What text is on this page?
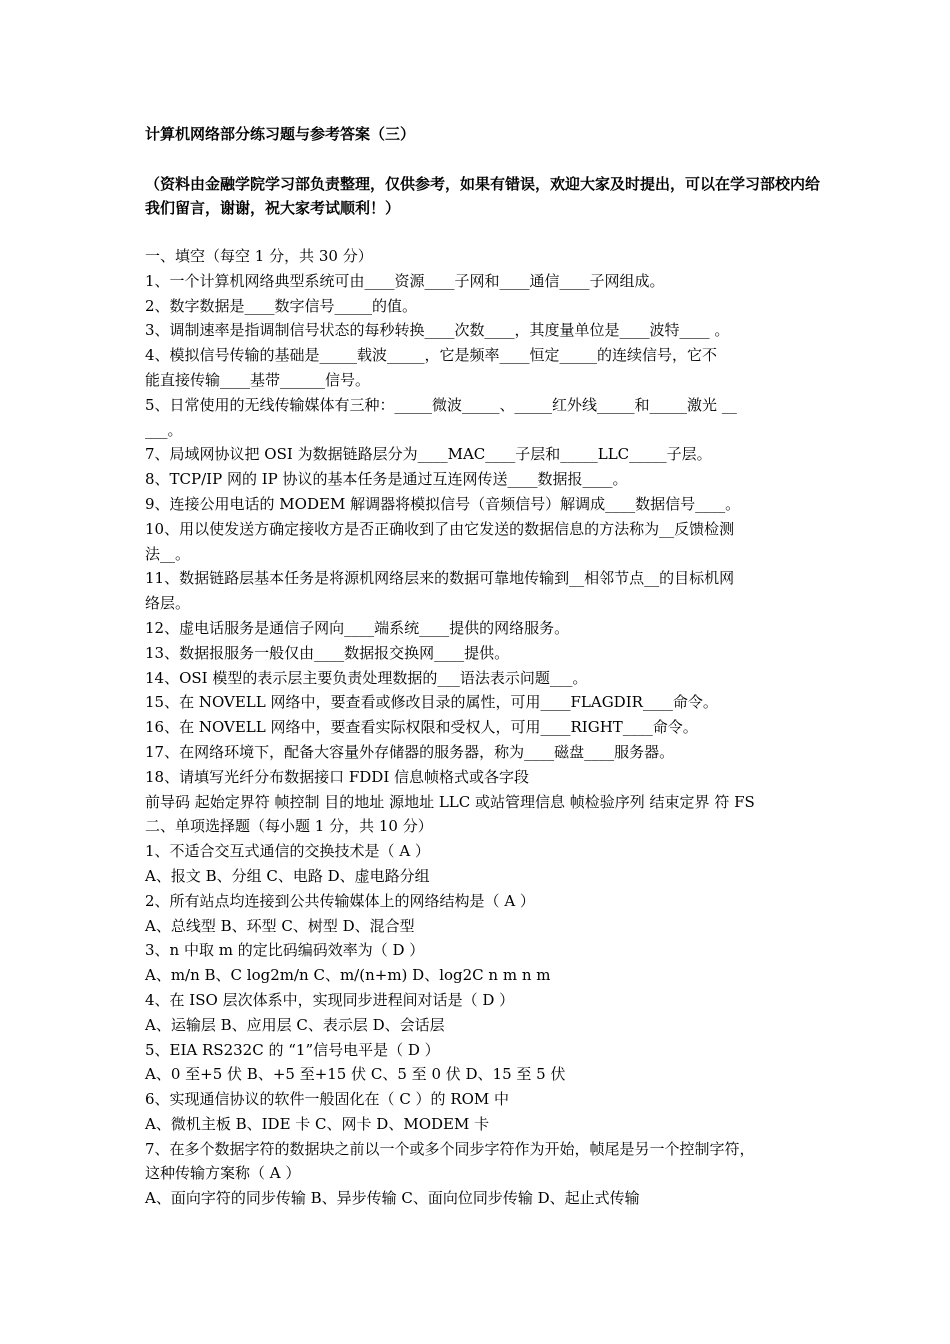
计算机网络部分练习题与参考答案（三）
（资料由金融学院学习部负责整理，仅供参考，如果有错误，欢迎大家及时提出，可以在学习部校内给我们留言，谢谢，祝大家考试顺利！）
一、填空（每空 1 分，共 30 分）
1、一个计算机网络典型系统可由____资源____子网和____通信____子网组成。
2、数字数据是____数字信号_____的值。
3、调制速率是指调制信号状态的每秒转换____次数____，其度量单位是____波特____ 。
4、模拟信号传输的基础是_____载波_____，它是频率____恒定_____的连续信号，它不
能直接传输____基带______信号。
5、日常使用的无线传输媒体有三种：_____微波_____、_____红外线_____和_____激光 __
___。
7、局域网协议把 OSI 为数据链路层分为____MAC____子层和_____LLC_____子层。
8、TCP/IP 网的 IP 协议的基本任务是通过互连网传送____数据报____。
9、连接公用电话的 MODEM 解调器将模拟信号（音频信号）解调成____数据信号____。
10、用以使发送方确定接收方是否正确收到了由它发送的数据信息的方法称为__反馈检测
法__。
11、数据链路层基本任务是将源机网络层来的数据可靠地传输到__相邻节点__的目标机网
络层。
12、虚电话服务是通信子网向____端系统____提供的网络服务。
13、数据报服务一般仅由____数据报交换网____提供。
14、OSI 模型的表示层主要负责处理数据的___语法表示问题___。
15、在 NOVELL 网络中，要查看或修改目录的属性，可用____FLAGDIR____命令。
16、在 NOVELL 网络中，要查看实际权限和受权人，可用____RIGHT____命令。
17、在网络环境下，配备大容量外存储器的服务器，称为____磁盘____服务器。
18、请填写光纤分布数据接口 FDDI 信息帧格式或各字段
前导码 起始定界符 帧控制 目的地址 源地址 LLC 或站管理信息 帧检验序列 结束定界 符 FS
二、单项选择题（每小题 1 分，共 10 分）
1、不适合交互式通信的交换技术是（ A ）
A、报文 B、分组 C、电路 D、虚电路分组
2、所有站点均连接到公共传输媒体上的网络结构是（ A ）
A、总线型 B、环型 C、树型 D、混合型
3、n 中取 m 的定比码编码效率为（ D ）
A、m/n B、C log2m/n C、m/(n+m) D、log2C n m n m
4、在 ISO 层次体系中，实现同步进程间对话是（ D ）
A、运输层 B、应用层 C、表示层 D、会话层
5、EIA RS232C 的 “1”信号电平是（ D ）
A、0 至+5 伏 B、+5 至+15 伏 C、5 至 0 伏 D、15 至 5 伏
6、实现通信协议的软件一般固化在（ C ）的 ROM 中
A、微机主板 B、IDE 卡 C、网卡 D、MODEM 卡
7、在多个数据字符的数据块之前以一个或多个同步字符作为开始，帧尾是另一个控制字符，
这种传输方案称（ A ）
A、面向字符的同步传输 B、异步传输 C、面向位同步传输 D、起止式传输
